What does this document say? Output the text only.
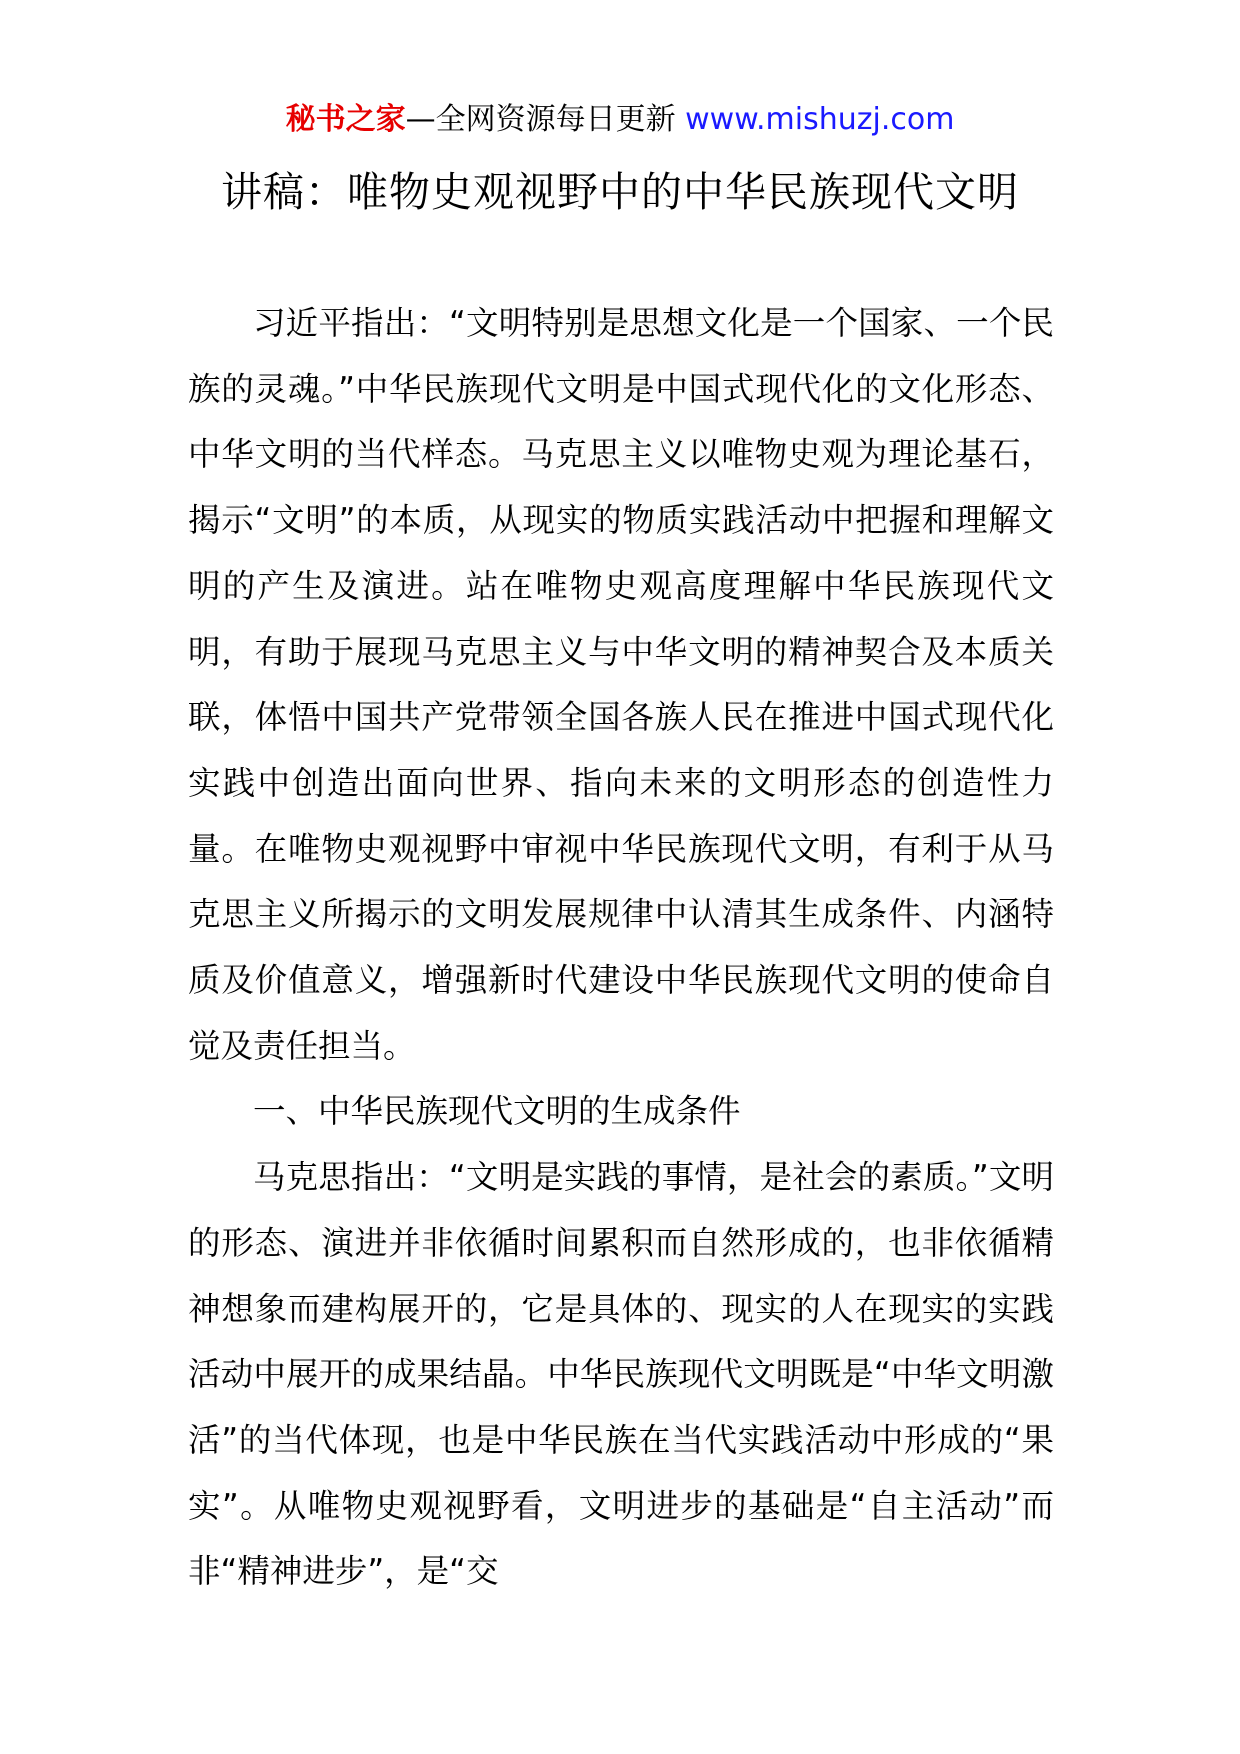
秘书之家—全网资源每日更新 www.mishuzj.com
讲稿：唯物史观视野中的中华民族现代文明

习近平指出：“文明特别是思想文化是一个国家、一个民族的灵魂。”中华民族现代文明是中国式现代化的文化形态、中华文明的当代样态。马克思主义以唯物史观为理论基石，揭示“文明”的本质，从现实的物质实践活动中把握和理解文明的产生及演进。站在唯物史观高度理解中华民族现代文明，有助于展现马克思主义与中华文明的精神契合及本质关联，体悟中国共产党带领全国各族人民在推进中国式现代化实践中创造出面向世界、指向未来的文明形态的创造性力量。在唯物史观视野中审视中华民族现代文明，有利于从马克思主义所揭示的文明发展规律中认清其生成条件、内涵特质及价值意义，增强新时代建设中华民族现代文明的使命自觉及责任担当。

一、中华民族现代文明的生成条件

马克思指出：“文明是实践的事情，是社会的素质。”文明的形态、演进并非依循时间累积而自然形成的，也非依循精神想象而建构展开的，它是具体的、现实的人在现实的实践活动中展开的成果结晶。中华民族现代文明既是“中华文明激活”的当代体现，也是中华民族在当代实践活动中形成的“果实”。从唯物史观视野看，文明进步的基础是“自主活动”而非“精神进步”，是“交
